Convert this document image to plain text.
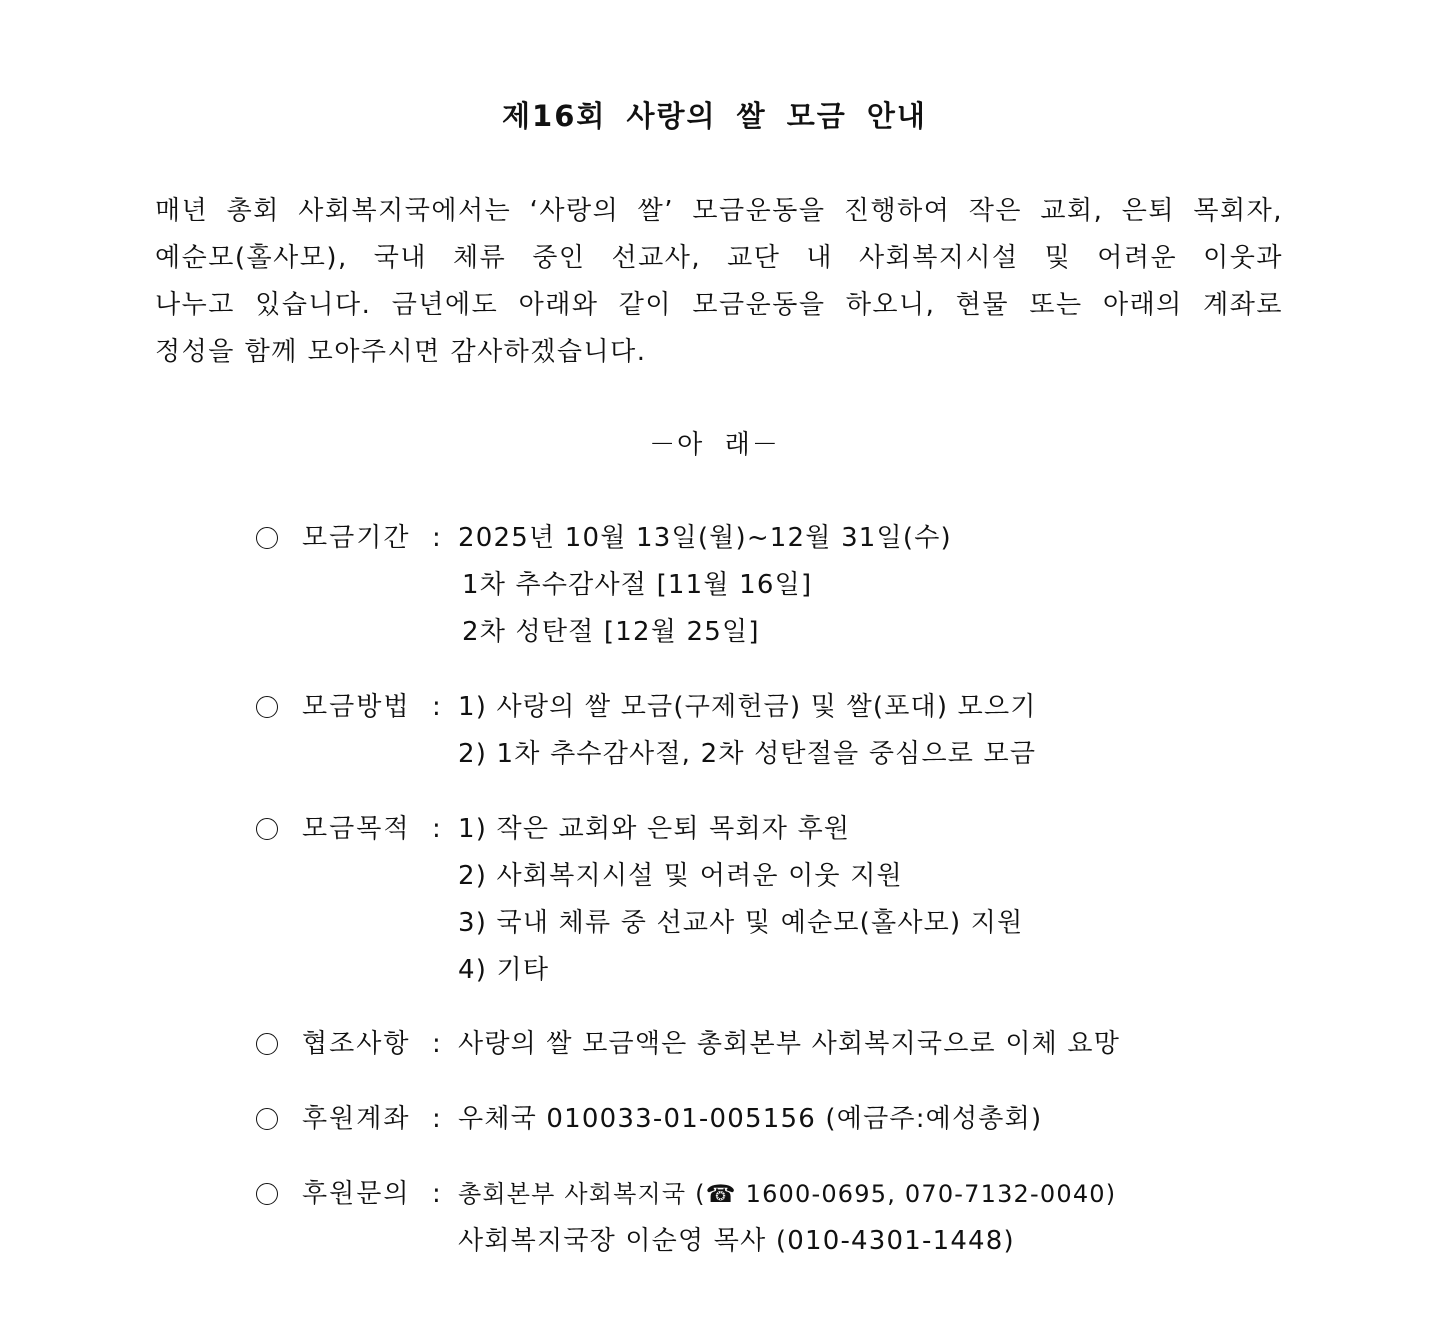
제16회 사랑의 쌀 모금 안내

매년 총회 사회복지국에서는 ‘사랑의 쌀’ 모금운동을 진행하여 작은 교회, 은퇴 목회자,
예순모(홀사모), 국내 체류 중인 선교사, 교단 내 사회복지시설 및 어려운 이웃과
나누고 있습니다. 금년에도 아래와 같이 모금운동을 하오니, 현물 또는 아래의 계좌로
정성을 함께 모아주시면 감사하겠습니다.

－아  래－
모금기간 : 2025년 10월 13일(월)~12월 31일(수)
1차 추수감사절 [11월 16일]
2차 성탄절 [12월 25일]
모금방법 : 1) 사랑의 쌀 모금(구제헌금) 및 쌀(포대) 모으기
2) 1차 추수감사절, 2차 성탄절을 중심으로 모금
모금목적 : 1) 작은 교회와 은퇴 목회자 후원
2) 사회복지시설 및 어려운 이웃 지원
3) 국내 체류 중 선교사 및 예순모(홀사모) 지원
4) 기타
협조사항 : 사랑의 쌀 모금액은 총회본부 사회복지국으로 이체 요망
후원계좌 : 우체국 010033-01-005156 (예금주:예성총회)
후원문의 : 총회본부 사회복지국 (☎ 1600-0695, 070-7132-0040)
사회복지국장 이순영 목사 (010-4301-1448)
